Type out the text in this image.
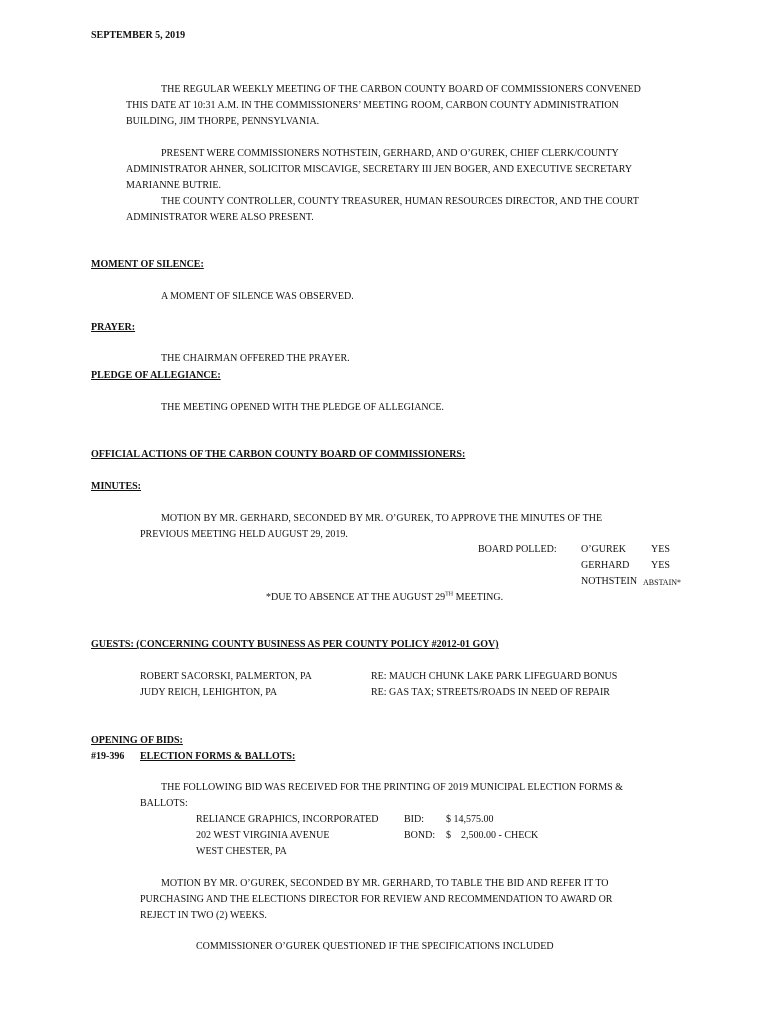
SEPTEMBER 5, 2019
THE REGULAR WEEKLY MEETING OF THE CARBON COUNTY BOARD OF COMMISSIONERS CONVENED
THIS DATE AT 10:31 A.M. IN THE COMMISSIONERS’ MEETING ROOM, CARBON COUNTY ADMINISTRATION
BUILDING, JIM THORPE, PENNSYLVANIA.
PRESENT WERE COMMISSIONERS NOTHSTEIN, GERHARD, AND O’GUREK, CHIEF CLERK/COUNTY
ADMINISTRATOR AHNER, SOLICITOR MISCAVIGE, SECRETARY III JEN BOGER, AND EXECUTIVE SECRETARY
MARIANNE BUTRIE.
THE COUNTY CONTROLLER, COUNTY TREASURER, HUMAN RESOURCES DIRECTOR, AND THE COURT
ADMINISTRATOR WERE ALSO PRESENT.
MOMENT OF SILENCE:
A MOMENT OF SILENCE WAS OBSERVED.
PRAYER:
THE CHAIRMAN OFFERED THE PRAYER.
PLEDGE OF ALLEGIANCE:
THE MEETING OPENED WITH THE PLEDGE OF ALLEGIANCE.
OFFICIAL ACTIONS OF THE CARBON COUNTY BOARD OF COMMISSIONERS:
MINUTES:
MOTION BY MR. GERHARD, SECONDED BY MR. O’GUREK, TO APPROVE THE MINUTES OF THE
PREVIOUS MEETING HELD AUGUST 29, 2019.
BOARD POLLED: O’GUREK	YES
GERHARD YES
NOTHSTEIN ABSTAIN*
*DUE TO ABSENCE AT THE AUGUST 29TH MEETING.
GUESTS: (CONCERNING COUNTY BUSINESS AS PER COUNTY POLICY #2012-01 GOV)
ROBERT SACORSKI, PALMERTON, PA	RE: MAUCH CHUNK LAKE PARK LIFEGUARD BONUS
JUDY REICH, LEHIGHTON, PA	RE: GAS TAX; STREETS/ROADS IN NEED OF REPAIR
OPENING OF BIDS:
#19-396 ELECTION FORMS & BALLOTS:
THE FOLLOWING BID WAS RECEIVED FOR THE PRINTING OF 2019 MUNICIPAL ELECTION FORMS &
BALLOTS:
RELIANCE GRAPHICS, INCORPORATED	BID: $ 14,575.00
202 WEST VIRGINIA AVENUE	BOND: $    2,500.00 - CHECK
WEST CHESTER, PA
MOTION BY MR. O’GUREK, SECONDED BY MR. GERHARD, TO TABLE THE BID AND REFER IT TO
PURCHASING AND THE ELECTIONS DIRECTOR FOR REVIEW AND RECOMMENDATION TO AWARD OR
REJECT IN TWO (2) WEEKS.
COMMISSIONER O’GUREK QUESTIONED IF THE SPECIFICATIONS INCLUDED
